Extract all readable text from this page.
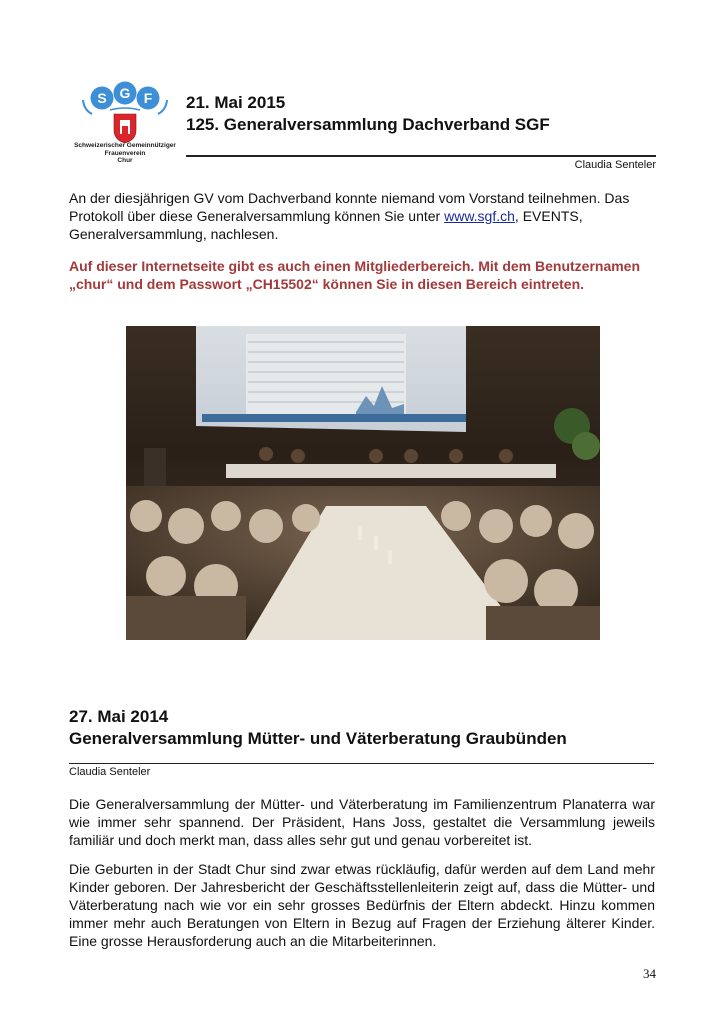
S G F
Schweizerischer Gemeinnütziger
Frauenverein
Chur
21. Mai 2015
125. Generalversammlung Dachverband SGF
Claudia Senteler
An der diesjährigen GV vom Dachverband konnte niemand vom Vorstand teilnehmen. Das Protokoll über diese Generalversammlung können Sie unter www.sgf.ch, EVENTS, Generalversammlung, nachlesen.
Auf dieser Internetseite gibt es auch einen Mitgliederbereich. Mit dem Benutzernamen „chur“ und dem Passwort „CH15502“ können Sie in diesen Bereich eintreten.
27. Mai 2014
Generalversammlung Mütter- und Väterberatung Graubünden
Claudia Senteler
Die Generalversammlung der Mütter- und Väterberatung im Familienzentrum Planaterra war wie immer sehr spannend. Der Präsident, Hans Joss, gestaltet die Versammlung jeweils familiär und doch merkt man, dass alles sehr gut und genau vorbereitet ist.
Die Geburten in der Stadt Chur sind zwar etwas rückläufig, dafür werden auf dem Land mehr Kinder geboren. Der Jahresbericht der Geschäftsstellenleiterin zeigt auf, dass die Mütter- und Väterberatung nach wie vor ein sehr grosses Bedürfnis der Eltern abdeckt. Hinzu kommen immer mehr auch Beratungen von Eltern in Bezug auf Fragen der Erziehung älterer Kinder. Eine grosse Herausforderung auch an die Mitarbeiterinnen.
34
